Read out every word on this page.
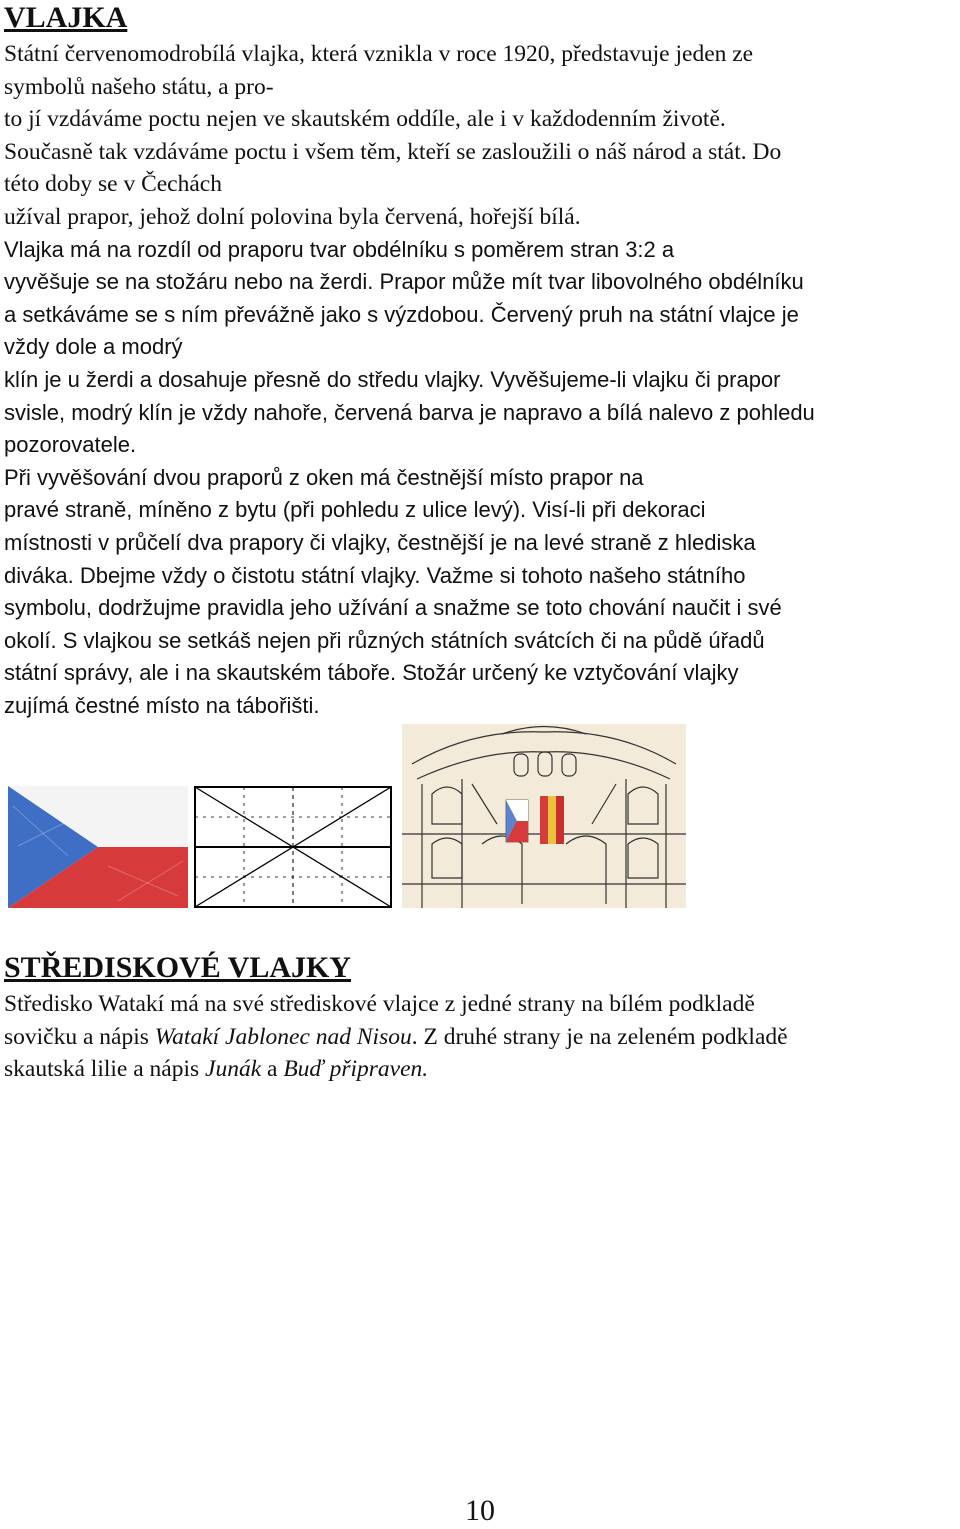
VLAJKA
Státní červenomodrobílá vlajka, která vznikla v roce 1920, představuje jeden ze
symbolů našeho státu, a pro-
to jí vzdáváme poctu nejen ve skautském oddíle, ale i v každodenním životě.
Současně tak vzdáváme poctu i všem těm, kteří se zasloužili o náš národ a stát. Do
této doby se v Čechách
užíval prapor, jehož dolní polovina byla červená, hořejší bílá.
Vlajka má na rozdíl od praporu tvar obdélníku s poměrem stran 3:2 a
vyvěšuje se na stožáru nebo na žerdi. Prapor může mít tvar libovolného obdélníku
a setkáváme se s ním převážně jako s výzdobou. Červený pruh na státní vlajce je
vždy dole a modrý
klín je u žerdi a dosahuje přesně do středu vlajky. Vyvěšujeme-li vlajku či prapor
svisle, modrý klín je vždy nahoře, červená barva je napravo a bílá nalevo z pohledu
pozorovatele.
Při vyvěšování dvou praporů z oken má čestnější místo prapor na
pravé straně, míněno z bytu (při pohledu z ulice levý). Visí-li při dekoraci
místnosti v průčelí dva prapory či vlajky, čestnější je na levé straně z hlediska
diváka. Dbejme vždy o čistotu státní vlajky. Važme si tohoto našeho státního
symbolu, dodržujme pravidla jeho užívání a snažme se toto chování naučit i své
okolí. S vlajkou se setkáš nejen při různých státních svátcích či na půdě úřadů
státní správy, ale i na skautském táboře. Stožár určený ke vztyčování vlajky
zujímá čestné místo na tábořišti.
STŘEDISKOVÉ VLAJKY
Středisko Watakí má na své střediskové vlajce z jedné strany na bílém podkladě
sovičku a nápis Watakí Jablonec nad Nisou. Z druhé strany je na zeleném podkladě
skautská lilie a nápis Junák a Buď připraven.
10
